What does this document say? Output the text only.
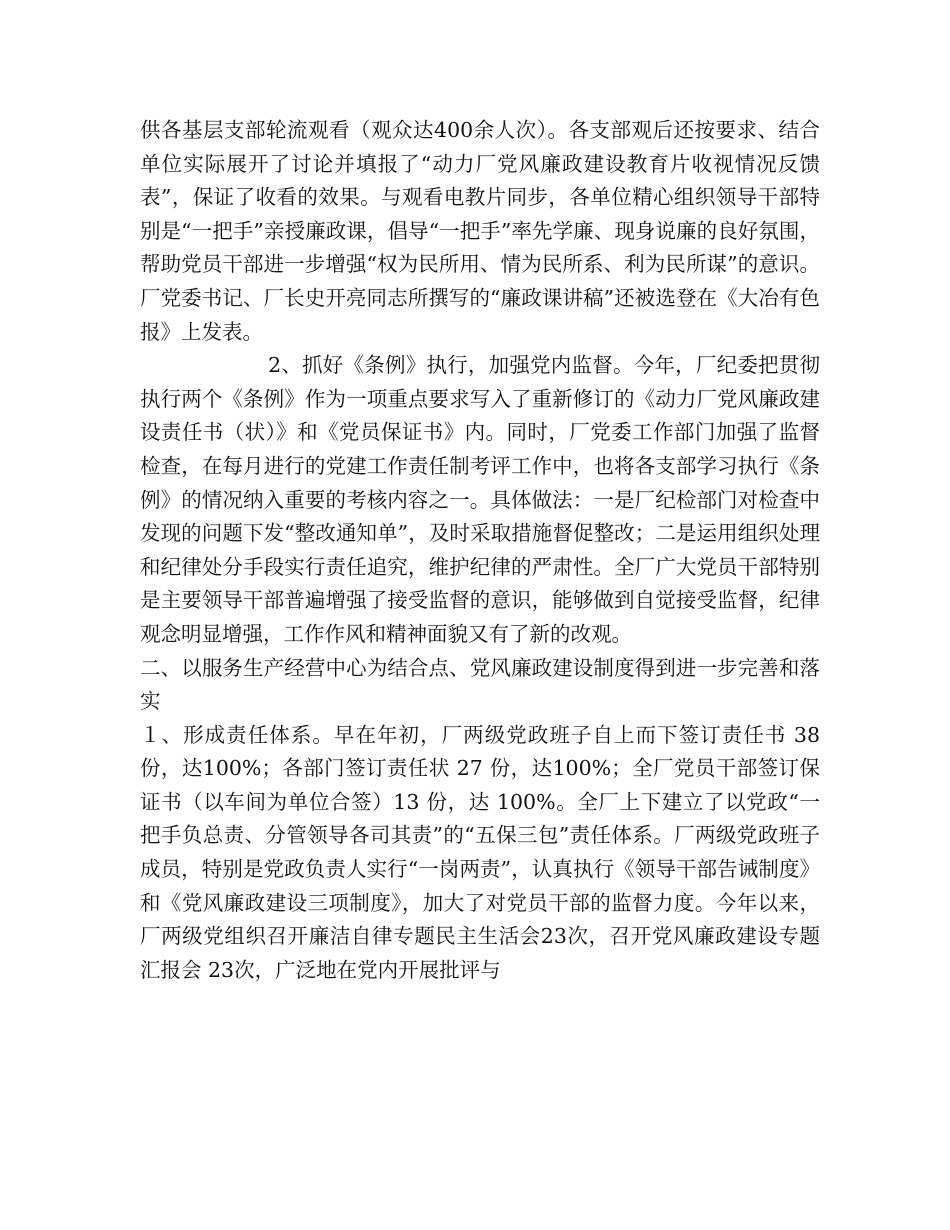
供各基层支部轮流观看（观众达400余人次）。各支部观后还按要求、结合单位实际展开了讨论并填报了“动力厂党风廉政建设教育片收视情况反馈表”，保证了收看的效果。与观看电教片同步，各单位精心组织领导干部特别是“一把手”亲授廉政课，倡导“一把手”率先学廉、现身说廉的良好氛围，帮助党员干部进一步增强“权为民所用、情为民所系、利为民所谋”的意识。厂党委书记、厂长史开亮同志所撰写的“廉政课讲稿”还被选登在《大冶有色报》上发表。

2、抓好《条例》执行，加强党内监督。今年，厂纪委把贯彻执行两个《条例》作为一项重点要求写入了重新修订的《动力厂党风廉政建设责任书（状）》和《党员保证书》内。同时，厂党委工作部门加强了监督检查，在每月进行的党建工作责任制考评工作中，也将各支部学习执行《条例》的情况纳入重要的考核内容之一。具体做法：一是厂纪检部门对检查中发现的问题下发“整改通知单”，及时采取措施督促整改；二是运用组织处理和纪律处分手段实行责任追究，维护纪律的严肃性。全厂广大党员干部特别是主要领导干部普遍增强了接受监督的意识，能够做到自觉接受监督，纪律观念明显增强，工作作风和精神面貌又有了新的改观。

二、以服务生产经营中心为结合点、党风廉政建设制度得到进一步完善和落实

１、形成责任体系。早在年初，厂两级党政班子自上而下签订责任书 38 份，达100%；各部门签订责任状 27 份，达100%；全厂党员干部签订保证书（以车间为单位合签）13 份，达 100%。全厂上下建立了以党政“一把手负总责、分管领导各司其责”的“五保三包”责任体系。厂两级党政班子成员，特别是党政负责人实行“一岗两责”，认真执行《领导干部告诫制度》和《党风廉政建设三项制度》，加大了对党员干部的监督力度。今年以来，厂两级党组织召开廉洁自律专题民主生活会23次，召开党风廉政建设专题汇报会 23次，广泛地在党内开展批评与
